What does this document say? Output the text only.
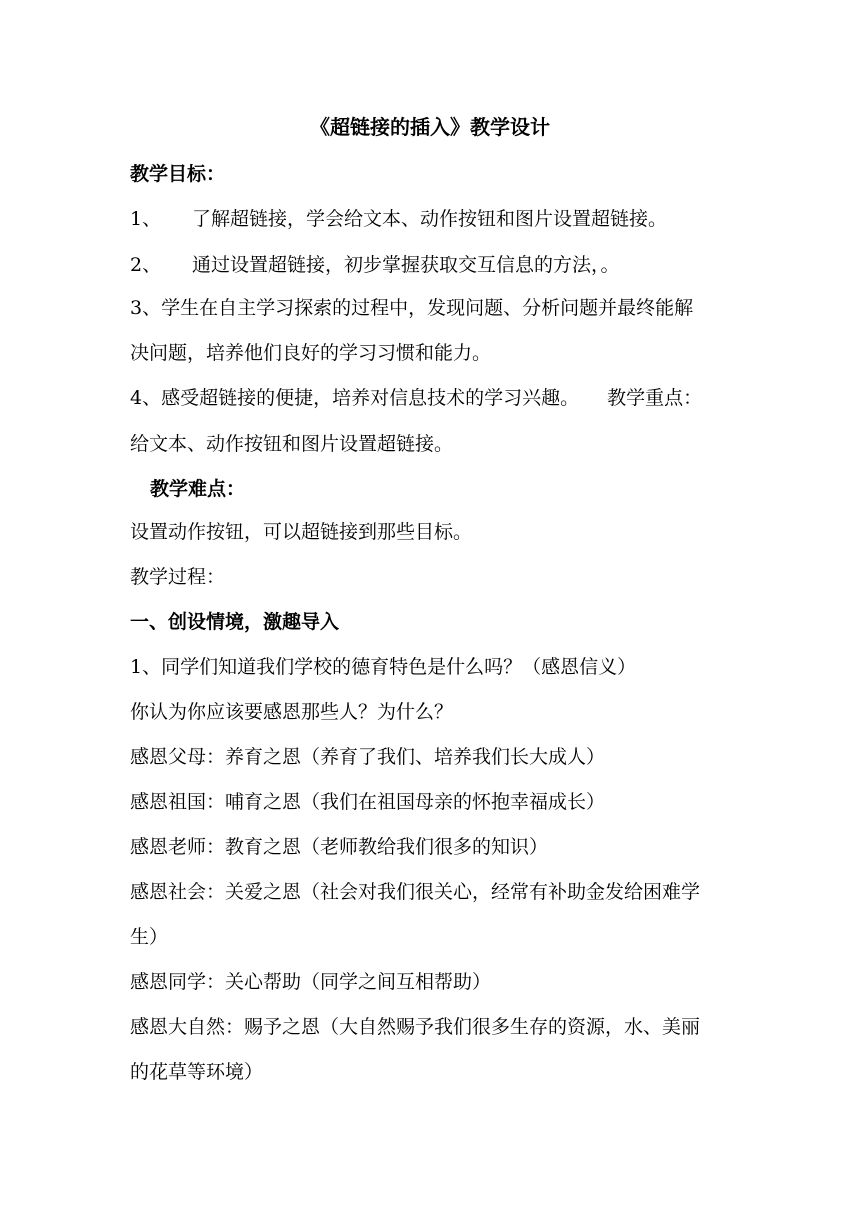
《超链接的插入》教学设计
教学目标：
1、 了解超链接，学会给文本、动作按钮和图片设置超链接。
2、 通过设置超链接，初步掌握获取交互信息的方法，。
3、学生在自主学习探索的过程中，发现问题、分析问题并最终能解
决问题，培养他们良好的学习习惯和能力。
4、感受超链接的便捷，培养对信息技术的学习兴趣。 教学重点：
给文本、动作按钮和图片设置超链接。
教学难点：
设置动作按钮，可以超链接到那些目标。
教学过程：
一、创设情境，激趣导入
1、同学们知道我们学校的德育特色是什么吗？（感恩信义）
你认为你应该要感恩那些人？为什么？
感恩父母：养育之恩（养育了我们、培养我们长大成人）
感恩祖国：哺育之恩（我们在祖国母亲的怀抱幸福成长）
感恩老师：教育之恩（老师教给我们很多的知识）
感恩社会：关爱之恩（社会对我们很关心，经常有补助金发给困难学
生）
感恩同学：关心帮助（同学之间互相帮助）
感恩大自然：赐予之恩（大自然赐予我们很多生存的资源，水、美丽
的花草等环境）
